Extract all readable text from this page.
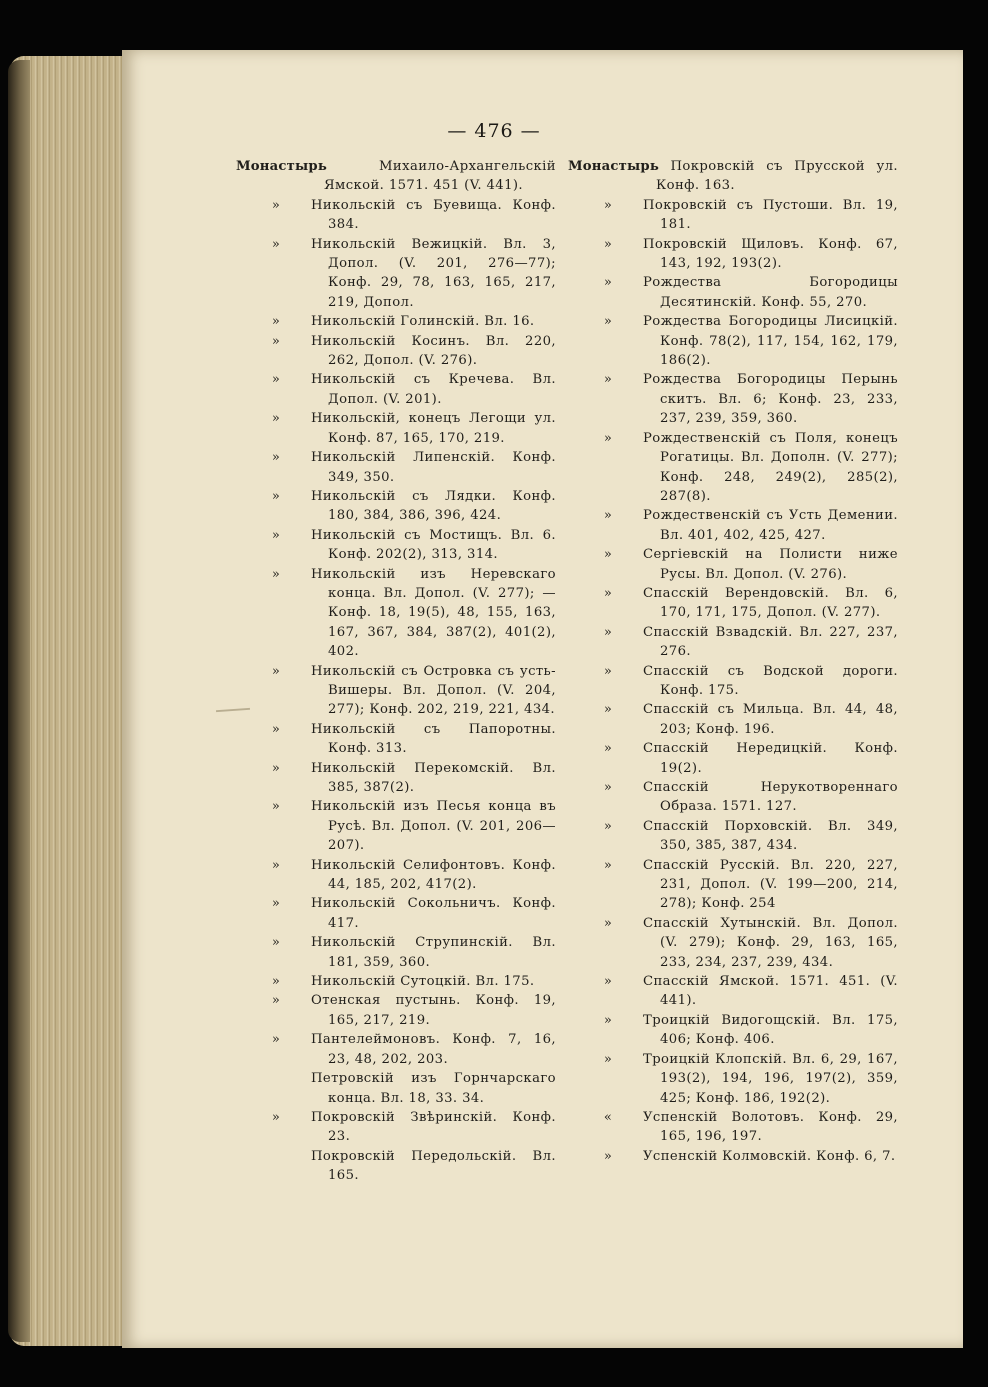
— 476 —
Монастырь	Михаило-Архангельскiй Ямской. 1571. 451 (V. 441).
» Никольскiй съ Буевища. Конф. 384.
» Никольскiй Вежицкiй. Вл. 3, Допол. (V. 201, 276—77); Конф. 29, 78, 163, 165, 217, 219, Допол.
» Никольскiй Голинскiй. Вл. 16.
» Никольскiй Косинъ. Вл. 220, 262, Допол. (V. 276).
» Никольскiй съ Кречева. Вл. Допол. (V. 201).
» Никольскiй, конецъ Легощи ул. Конф. 87, 165, 170, 219.
» Никольскiй Липенскiй. Конф. 349, 350.
» Никольскiй съ Лядки. Конф. 180, 384, 386, 396, 424.
» Никольскiй съ Мостищъ. Вл. 6. Конф. 202(2), 313, 314.
» Никольскiй изъ Неревскаго конца. Вл. Допол. (V. 277); — Конф. 18, 19(5), 48, 155, 163, 167, 367, 384, 387(2), 401(2), 402.
» Никольскiй съ Островка съ усть-Вишеры. Вл. Допол. (V. 204, 277); Конф. 202, 219, 221, 434.
» Никольскiй съ Папоротны. Конф. 313.
» Никольскiй Перекомскiй. Вл. 385, 387(2).
» Никольскiй изъ Песья конца въ Русѣ. Вл. Допол. (V. 201, 206—207).
» Никольскiй Селифонтовъ. Конф. 44, 185, 202, 417(2).
» Никольскiй Сокольничъ. Конф. 417.
» Никольскiй Струпинскiй. Вл. 181, 359, 360.
» Никольскiй Сутоцкiй. Вл. 175.
» Отенская пустынь. Конф. 19, 165, 217, 219.
» Пантелеймоновъ. Конф. 7, 16, 23, 48, 202, 203.
Петровскiй изъ Горнчарскаго конца. Вл. 18, 33. 34.
» Покровскiй Звѣринскiй. Конф. 23.
Покровскiй Передольскiй. Вл. 165.
Монастырь Покровскiй съ Прусской ул. Конф. 163.
» Покровскiй съ Пустоши. Вл. 19, 181.
» Покровскiй Щиловъ. Конф. 67, 143, 192, 193(2).
» Рождества Богородицы Десятинскiй. Конф. 55, 270.
» Рождества Богородицы Лисицкiй. Конф. 78(2), 117, 154, 162, 179, 186(2).
» Рождества Богородицы Перынь скитъ. Вл. 6; Конф. 23, 233, 237, 239, 359, 360.
» Рождественскiй съ Поля, конецъ Рогатицы. Вл. Дополн. (V. 277); Конф. 248, 249(2), 285(2), 287(8).
» Рождественскiй съ Усть Демении. Вл. 401, 402, 425, 427.
» Сергiевскiй на Полисти ниже Русы. Вл. Допол. (V. 276).
» Спасскiй Верендовскiй. Вл. 6, 170, 171, 175, Допол. (V. 277).
» Спасскiй Взвадскiй. Вл. 227, 237, 276.
» Спасскiй съ Водской дороги. Конф. 175.
» Спасскiй съ Мильца. Вл. 44, 48, 203; Конф. 196.
» Спасскiй Нередицкiй. Конф. 19(2).
» Спасскiй Нерукотвореннаго Образа. 1571. 127.
» Спасскiй Порховскiй. Вл. 349, 350, 385, 387, 434.
» Спасскiй Русскiй. Вл. 220, 227, 231, Допол. (V. 199—200, 214, 278); Конф. 254
» Спасскiй Хутынскiй. Вл. Допол. (V. 279); Конф. 29, 163, 165, 233, 234, 237, 239, 434.
» Спасскiй Ямской. 1571. 451. (V. 441).
» Троицкiй Видогощскiй. Вл. 175, 406; Конф. 406.
» Троицкiй Клопскiй. Вл. 6, 29, 167, 193(2), 194, 196, 197(2), 359, 425; Конф. 186, 192(2).
« Успенскiй Волотовъ. Конф. 29, 165, 196, 197.
» Успенскiй Колмовскiй. Конф. 6, 7.
